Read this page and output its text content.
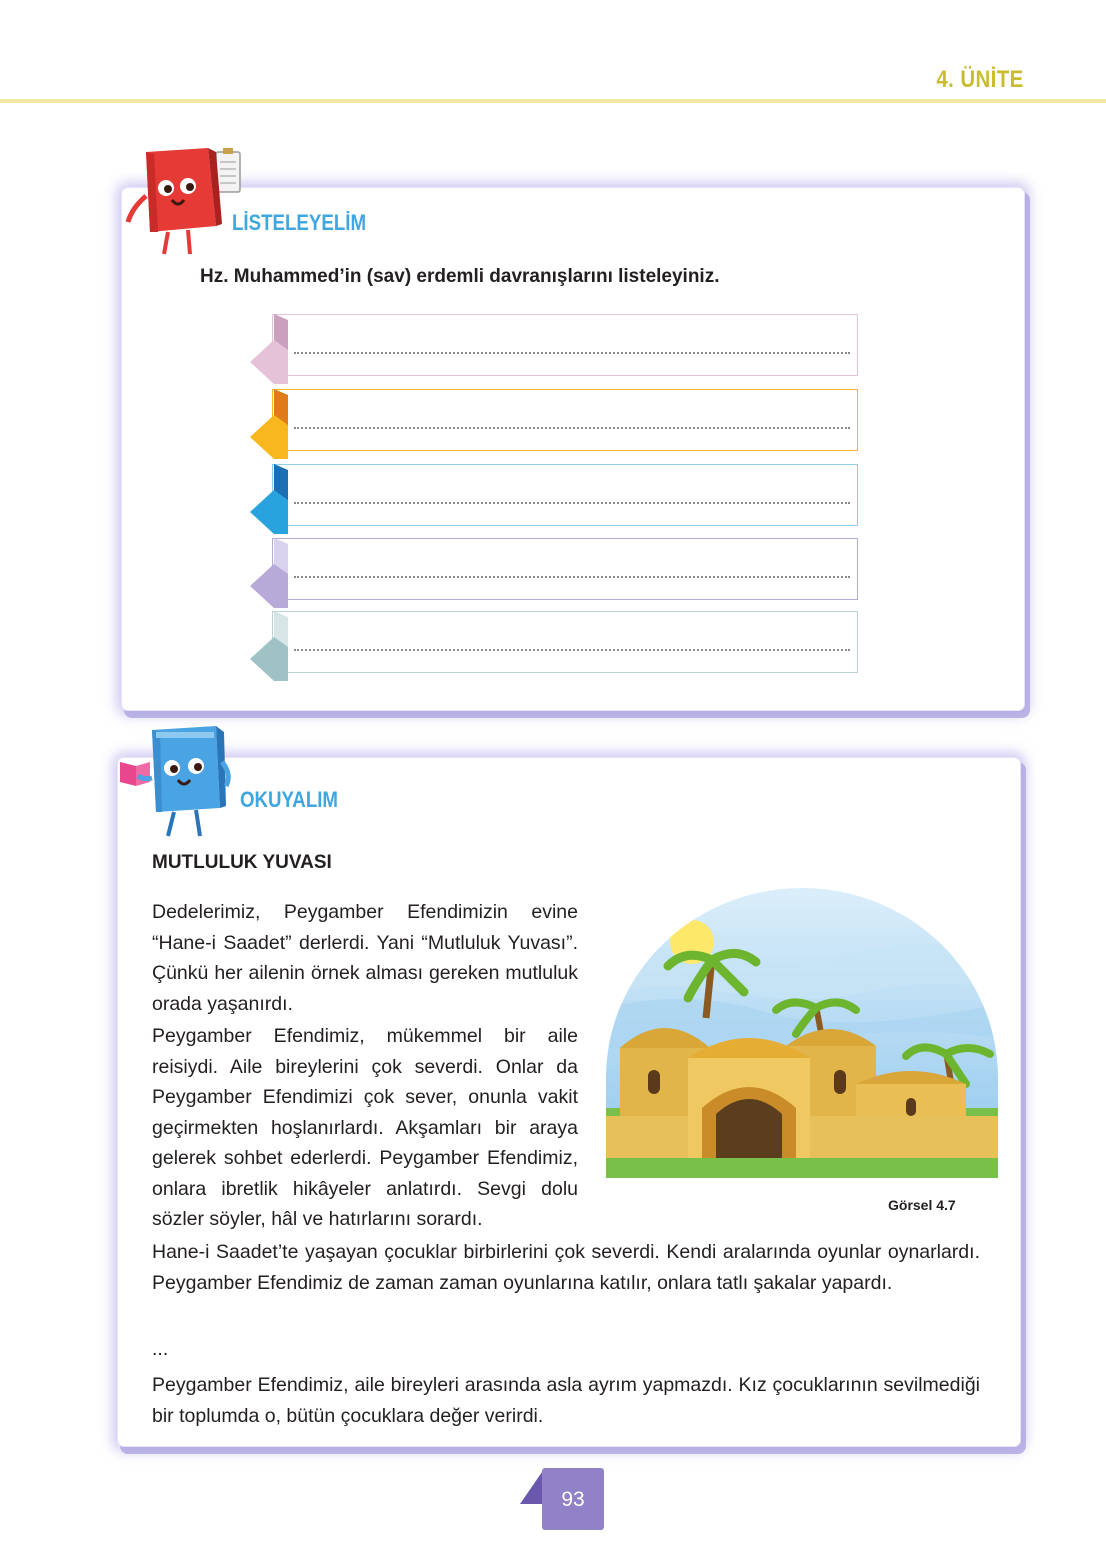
4. ÜNİTE
LİSTELEYELİM
Hz. Muhammed’in (sav) erdemli davranışlarını listeleyiniz.
OKUYALIM
MUTLULUK YUVASI

Dedelerimiz, Peygamber Efendimizin evine “Hane-i Saadet” derlerdi. Yani “Mutluluk Yuvası”. Çünkü her ailenin örnek alması gereken mutluluk orada yaşanırdı.

Peygamber Efendimiz, mükemmel bir aile reisiydi. Aile bireylerini çok severdi. Onlar da Peygamber Efendimizi çok sever, onunla vakit geçirmekten hoşlanırlardı. Akşamları bir araya gelerek sohbet ederlerdi. Peygamber Efendimiz, onlara ibretlik hikâyeler anlatırdı. Sevgi dolu sözler söyler, hâl ve hatırlarını sorardı.

Hane-i Saadet’te yaşayan çocuklar birbirlerini çok severdi. Kendi aralarında oyunlar oynarlardı. Peygamber Efendimiz de zaman zaman oyunlarına katılır, onlara tatlı şakalar yapardı.

...

Peygamber Efendimiz, aile bireyleri arasında asla ayrım yapmazdı. Kız çocuklarının sevilmediği bir toplumda o, bütün çocuklara değer verirdi.

Görsel 4.7
93
